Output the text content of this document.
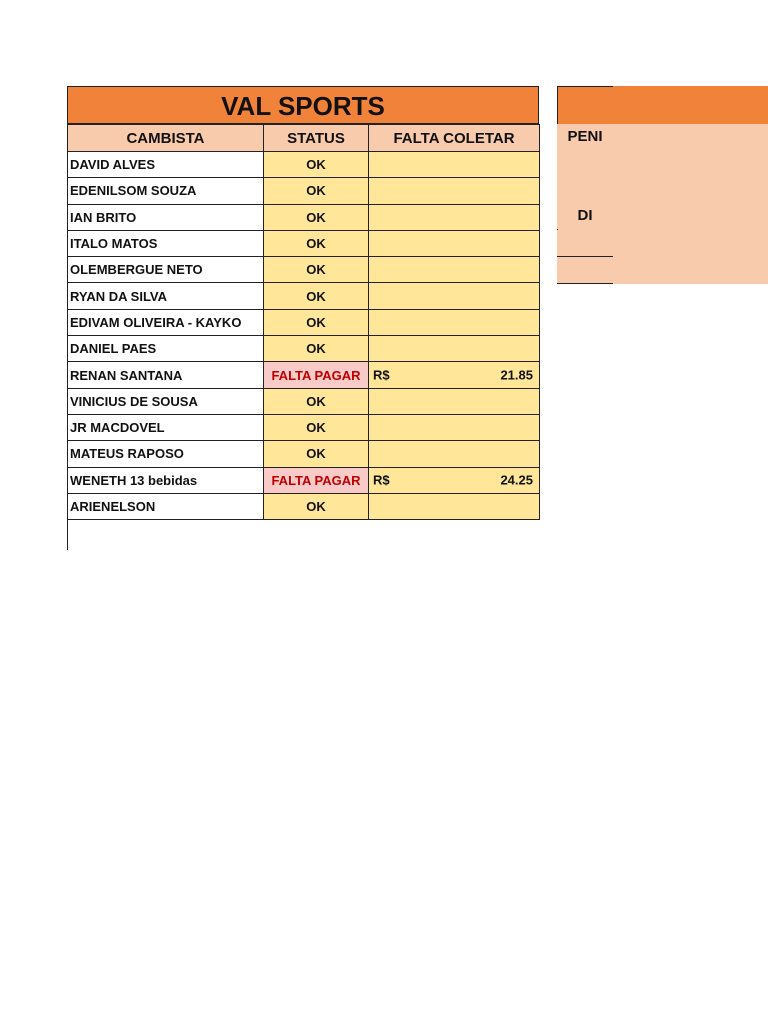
VAL SPORTS
CAMBISTA	STATUS	FALTA COLETAR
DAVID ALVES	OK	

EDENILSOM SOUZA	OK	

IAN BRITO	OK	

ITALO MATOS	OK	

OLEMBERGUE NETO	OK	

RYAN DA SILVA	OK	

EDIVAM OLIVEIRA - KAYKO	OK	

DANIEL PAES	OK	

RENAN SANTANA	FALTA PAGAR	R$ 21.85

VINICIUS DE SOUSA	OK	

JR MACDOVEL	OK	

MATEUS RAPOSO	OK	

WENETH 13 bebidas	FALTA PAGAR	R$ 24.25

ARIENELSON	OK	
PENI
DI
